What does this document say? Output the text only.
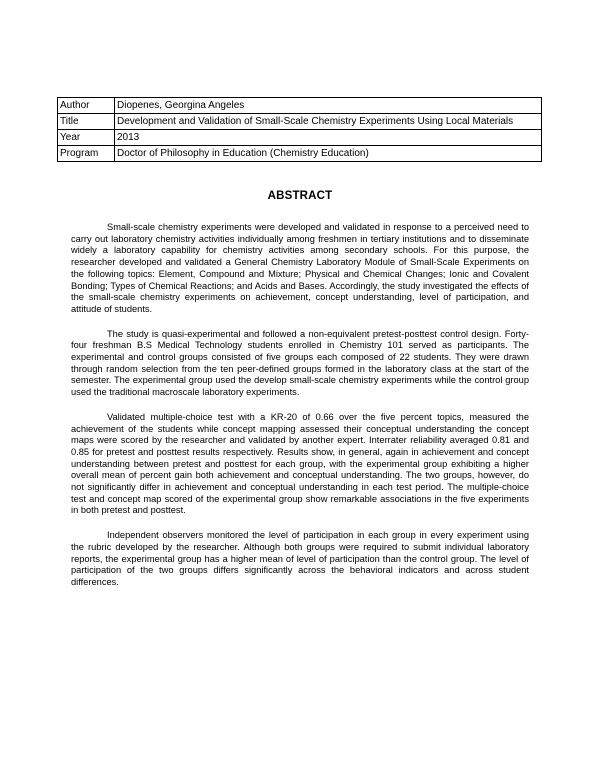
Author	Diopenes, Georgina Angeles
Title	Development and Validation of Small-Scale Chemistry Experiments Using Local Materials
Year	2013
Program	Doctor of Philosophy in Education (Chemistry Education)
ABSTRACT

Small-scale chemistry experiments were developed and validated in response to a perceived need to carry out laboratory chemistry activities individually among freshmen in tertiary institutions and to disseminate widely a laboratory capability for chemistry activities among secondary schools. For this purpose, the researcher developed and validated a General Chemistry Laboratory Module of Small-Scale Experiments on the following topics: Element, Compound and Mixture; Physical and Chemical Changes; Ionic and Covalent Bonding; Types of Chemical Reactions; and Acids and Bases. Accordingly, the study investigated the effects of the small-scale chemistry experiments on achievement, concept understanding, level of participation, and attitude of students.

The study is quasi-experimental and followed a non-equivalent pretest-posttest control design. Forty-four freshman B.S Medical Technology students enrolled in Chemistry 101 served as participants. The experimental and control groups consisted of five groups each composed of 22 students. They were drawn through random selection from the ten peer-defined groups formed in the laboratory class at the start of the semester. The experimental group used the develop small-scale chemistry experiments while the control group used the traditional macroscale laboratory experiments.

Validated multiple-choice test with a KR-20 of 0.66 over the five percent topics, measured the achievement of the students while concept mapping assessed their conceptual understanding the concept maps were scored by the researcher and validated by another expert. Interrater reliability averaged 0.81 and 0.85 for pretest and posttest results respectively. Results show, in general, again in achievement and concept understanding between pretest and posttest for each group, with the experimental group exhibiting a higher overall mean of percent gain both achievement and conceptual understanding. The two groups, however, do not significantly differ in achievement and conceptual understanding in each test period. The multiple-choice test and concept map scored of the experimental group show remarkable associations in the five experiments in both pretest and posttest.

Independent observers monitored the level of participation in each group in every experiment using the rubric developed by the researcher. Although both groups were required to submit individual laboratory reports, the experimental group has a higher mean of level of participation than the control group. The level of participation of the two groups differs significantly across the behavioral indicators and across student differences.
